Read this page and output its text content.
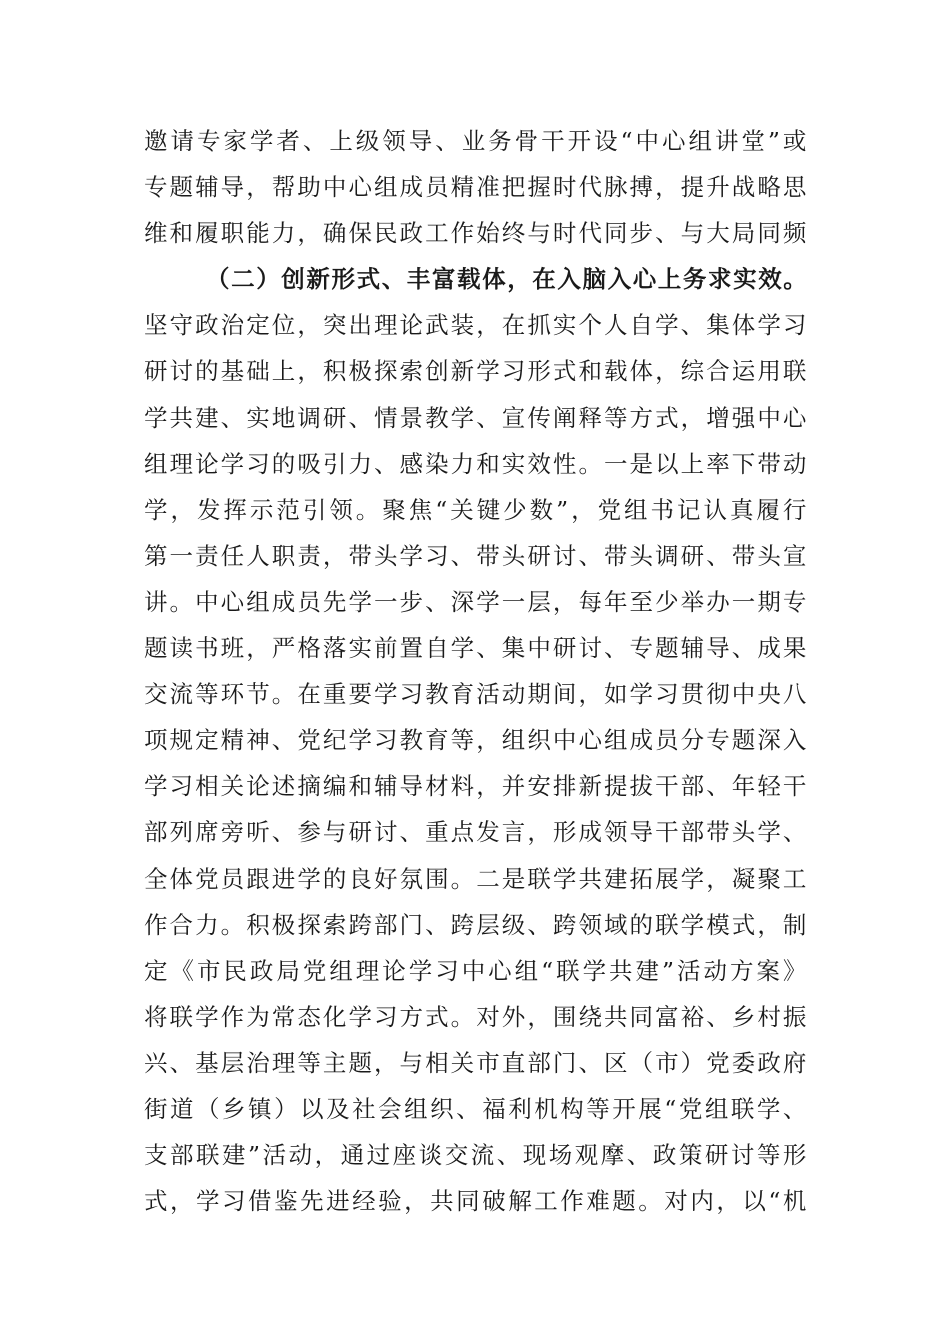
邀请专家学者、上级领导、业务骨干开设“中心组讲堂”或
专题辅导，帮助中心组成员精准把握时代脉搏，提升战略思
维和履职能力，确保民政工作始终与时代同步、与大局同频
（二）创新形式、丰富载体，在入脑入心上务求实效。
坚守政治定位，突出理论武装，在抓实个人自学、集体学习
研讨的基础上，积极探索创新学习形式和载体，综合运用联
学共建、实地调研、情景教学、宣传阐释等方式，增强中心
组理论学习的吸引力、感染力和实效性。一是以上率下带动
学，发挥示范引领。聚焦“关键少数”，党组书记认真履行
第一责任人职责，带头学习、带头研讨、带头调研、带头宣
讲。中心组成员先学一步、深学一层，每年至少举办一期专
题读书班，严格落实前置自学、集中研讨、专题辅导、成果
交流等环节。在重要学习教育活动期间，如学习贯彻中央八
项规定精神、党纪学习教育等，组织中心组成员分专题深入
学习相关论述摘编和辅导材料，并安排新提拔干部、年轻干
部列席旁听、参与研讨、重点发言，形成领导干部带头学、
全体党员跟进学的良好氛围。二是联学共建拓展学，凝聚工
作合力。积极探索跨部门、跨层级、跨领域的联学模式，制
定《市民政局党组理论学习中心组“联学共建”活动方案》
将联学作为常态化学习方式。对外，围绕共同富裕、乡村振
兴、基层治理等主题，与相关市直部门、区（市）党委政府
街道（乡镇）以及社会组织、福利机构等开展“党组联学、
支部联建”活动，通过座谈交流、现场观摩、政策研讨等形
式，学习借鉴先进经验，共同破解工作难题。对内，以“机
